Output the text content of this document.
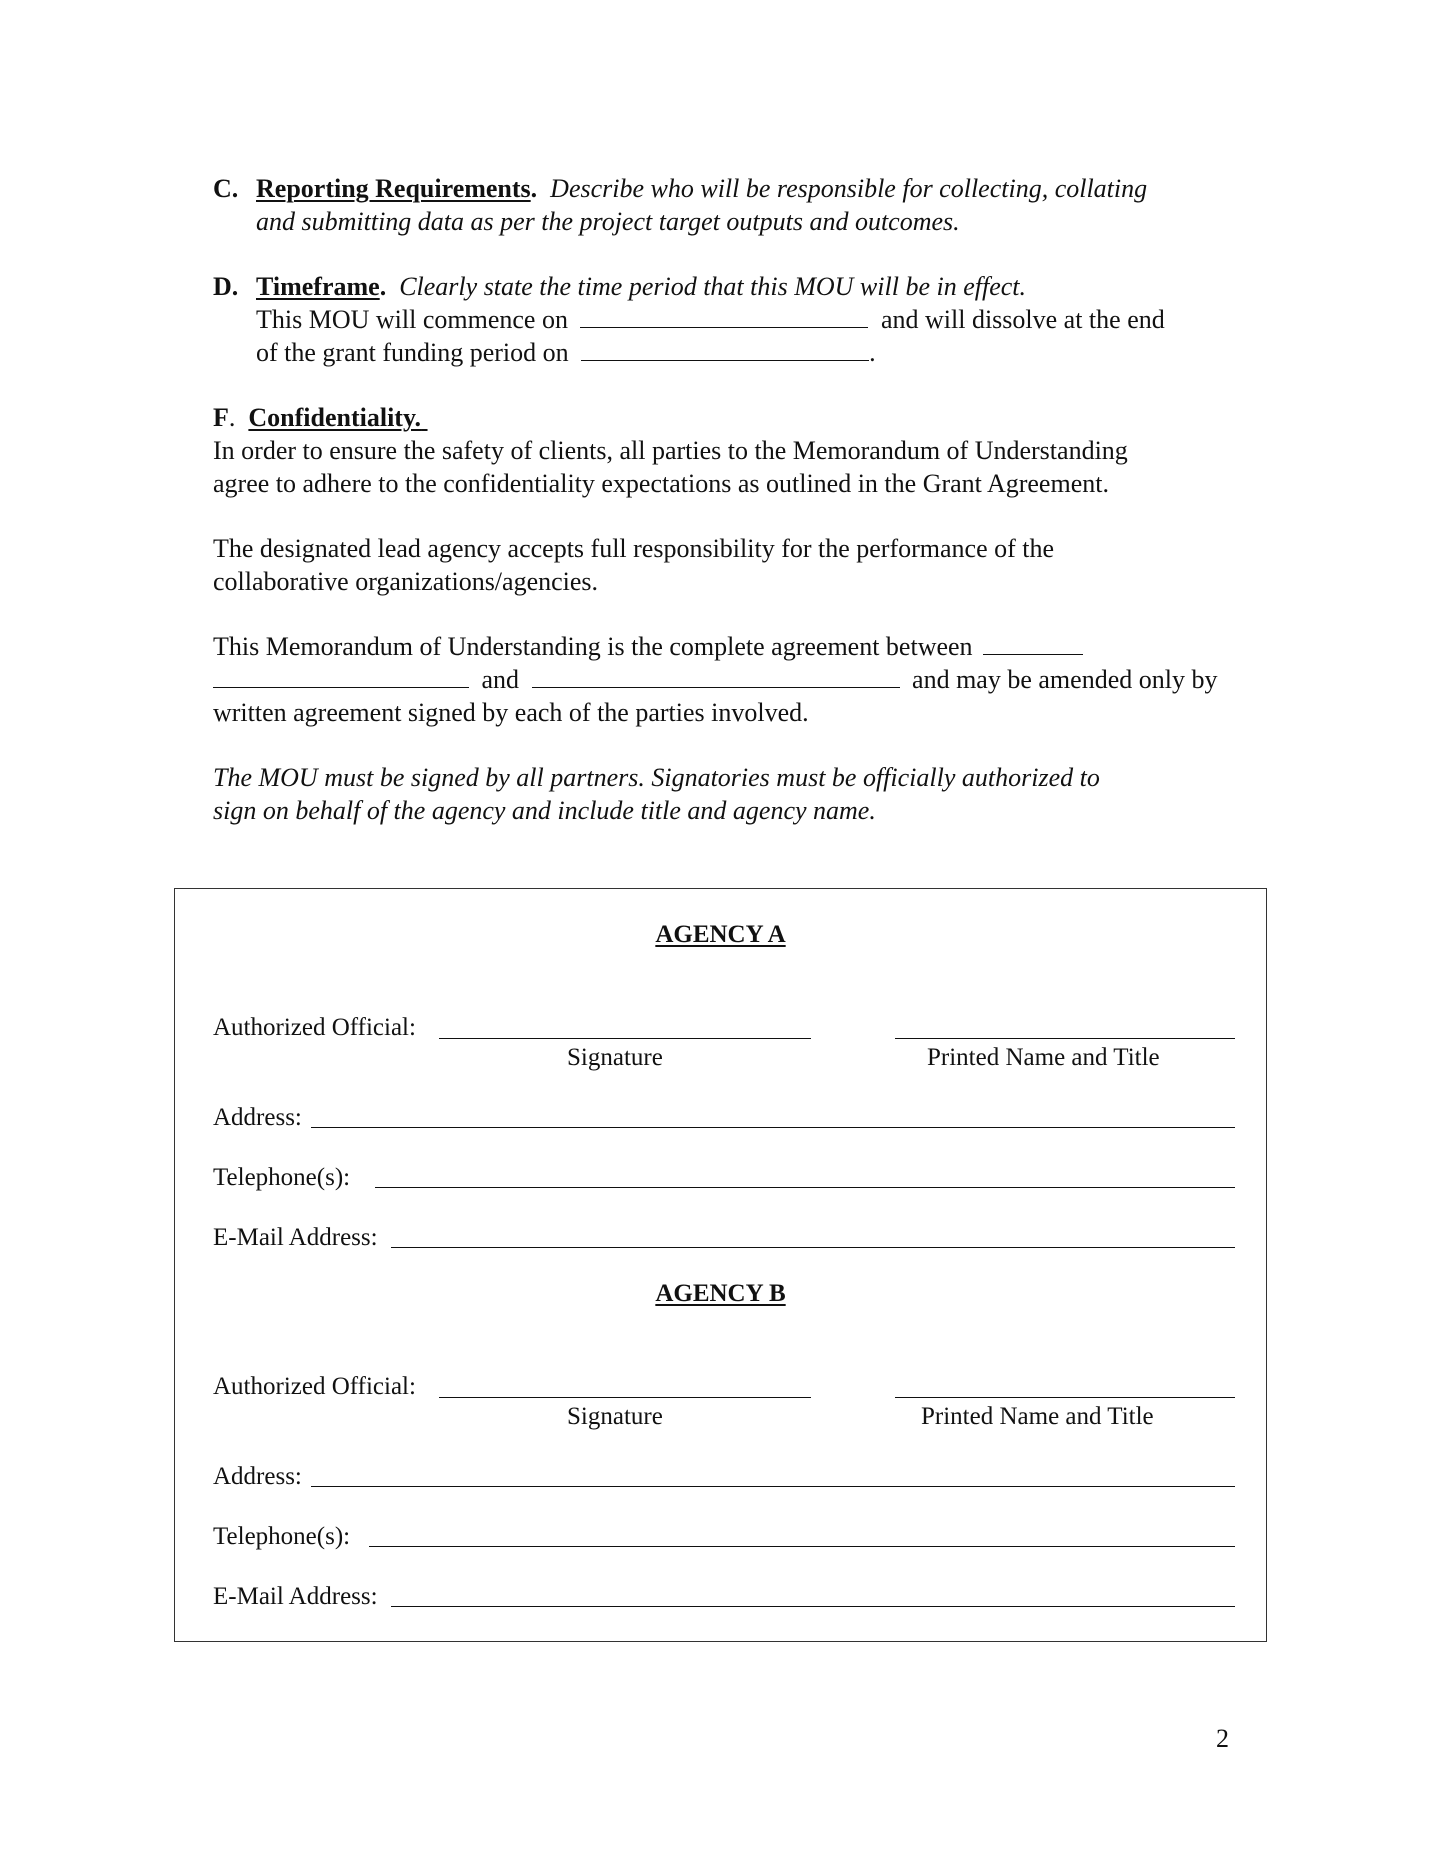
C. Reporting Requirements. Describe who will be responsible for collecting, collating
and submitting data as per the project target outputs and outcomes.
D. Timeframe. Clearly state the time period that this MOU will be in effect.
This MOU will commence on	and will dissolve at the end
of the grant funding period on	.
F.  Confidentiality.
In order to ensure the safety of clients, all parties to the Memorandum of Understanding
agree to adhere to the confidentiality expectations as outlined in the Grant Agreement.
The designated lead agency accepts full responsibility for the performance of the
collaborative organizations/agencies.
This Memorandum of Understanding is the complete agreement between
and	and may be amended only by
written agreement signed by each of the parties involved.
The MOU must be signed by all partners. Signatories must be officially authorized to
sign on behalf of the agency and include title and agency name.
AGENCY A
Authorized Official:
Signature	Printed Name and Title
Address:
Telephone(s):
E-Mail Address:
AGENCY B
Authorized Official:
Signature	Printed Name and Title
Address:
Telephone(s):
E-Mail Address:
2
